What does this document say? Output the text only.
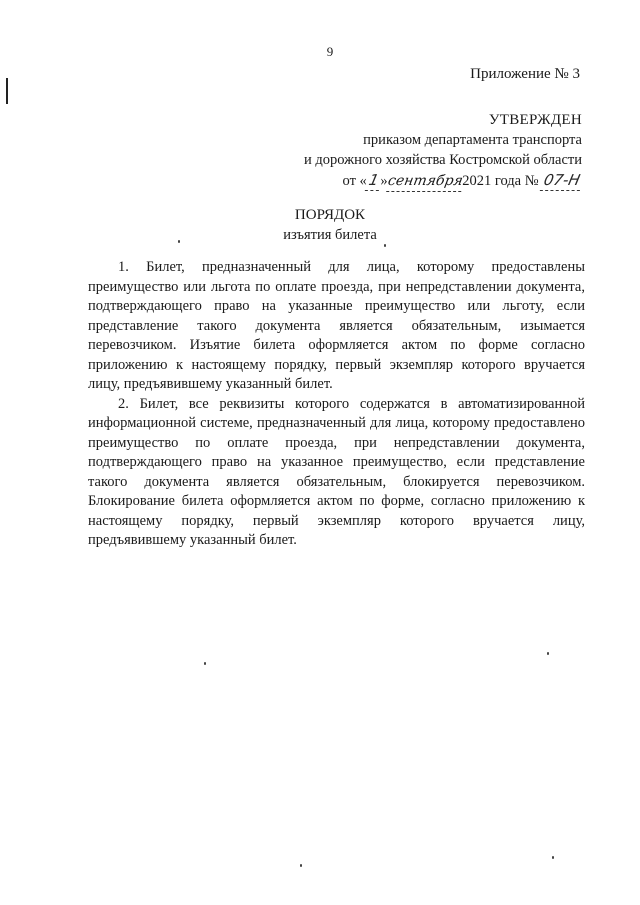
9
Приложение № 3
УТВЕРЖДЕН
приказом департамента транспорта
и дорожного хозяйства Костромской области
от «1»сентября2021 года № 07-Н
ПОРЯДОК
изъятия билета

1. Билет, предназначенный для лица, которому предоставлены преимущество или льгота по оплате проезда, при непредставлении документа, подтверждающего право на указанные преимущество или льготу, если представление такого документа является обязательным, изымается перевозчиком. Изъятие билета оформляется актом по форме согласно приложению к настоящему порядку, первый экземпляр которого вручается лицу, предъявившему указанный билет.

2. Билет, все реквизиты которого содержатся в автоматизированной информационной системе, предназначенный для лица, которому предоставлено преимущество по оплате проезда, при непредставлении документа, подтверждающего право на указанное преимущество, если представление такого документа является обязательным, блокируется перевозчиком. Блокирование билета оформляется актом по форме, согласно приложению к настоящему порядку, первый экземпляр которого вручается лицу, предъявившему указанный билет.
